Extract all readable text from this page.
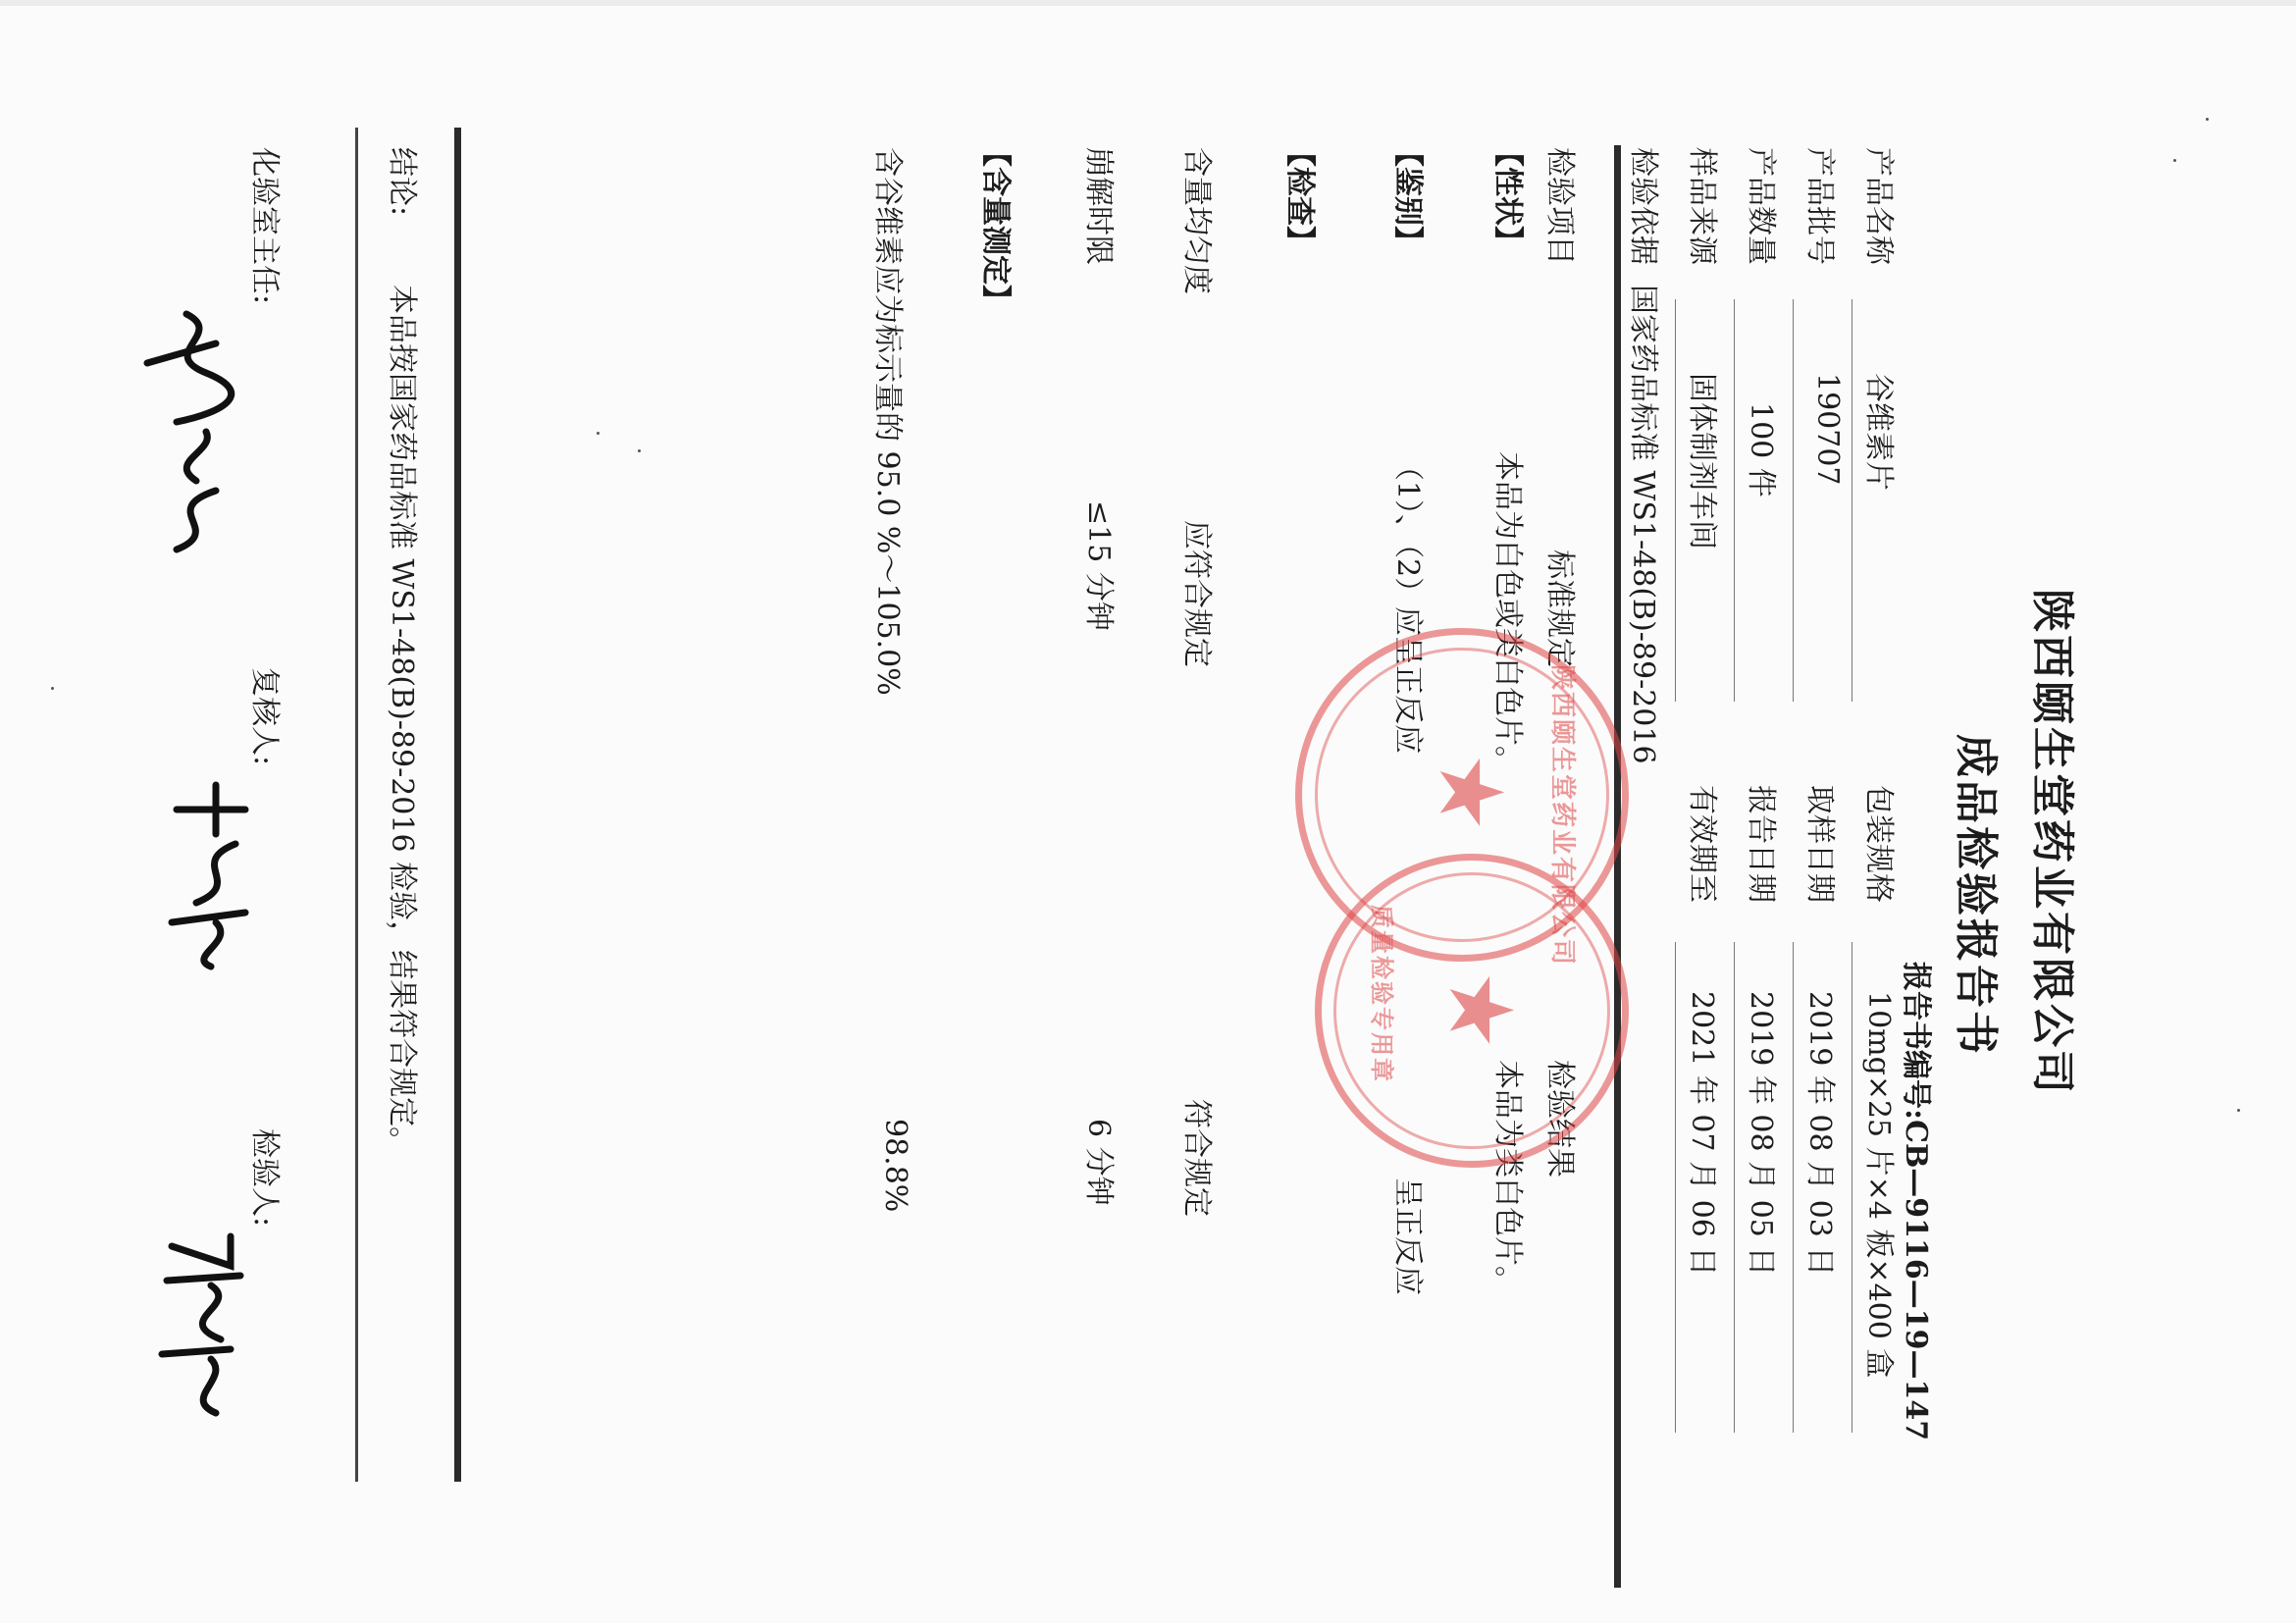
陕西颐生堂药业有限公司
成品检验报告书
报告书编号:CB—9116—19—147
产品名称
谷维素片
包装规格
10mg×25 片×4 板×400 盒
产品批号
190707
取样日期
2019 年 08 月 03 日
产品数量
100 件
报告日期
2019 年 08 月 05 日
样品来源
固体制剂车间
有效期至
2021 年 07 月 06 日
检验依据
国家药品标准 WS1-48(B)-89-2016
检验项目
标准规定
检验结果
【性状】
本品为白色或类白色片。
本品为类白色片。
【鉴别】
（1）、（2）应呈正反应
呈正反应
【检查】
含量均匀度
应符合规定
符合规定
崩解时限
≤15 分钟
6 分钟
【含量测定】
含谷维素应为标示量的 95.0 %～105.0%
98.8%
结论:
本品按国家药品标准 WS1-48(B)-89-2016 检验，结果符合规定。
化验室主任:
复核人:
检验人:
★ 陕西颐生堂药业有限公司
★
质量检验专用章
